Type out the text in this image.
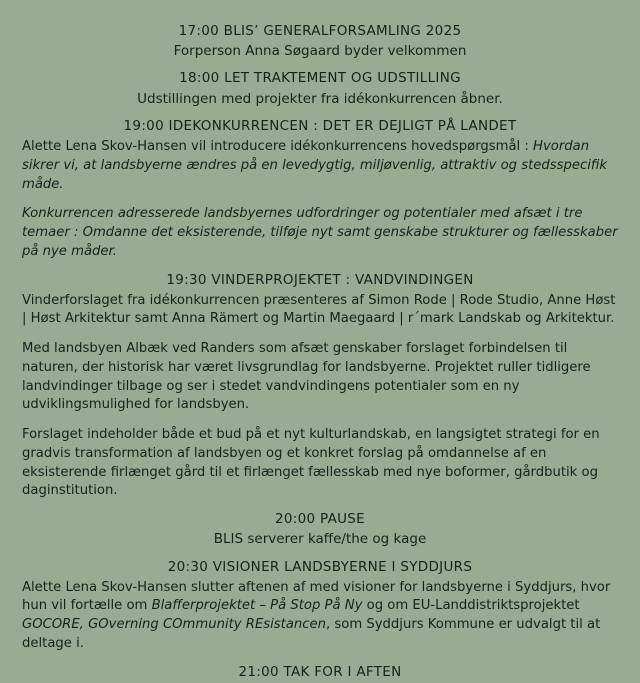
17:00 BLIS’ GENERALFORSAMLING 2025

Forperson Anna Søgaard byder velkommen

18:00 LET TRAKTEMENT OG UDSTILLING

Udstillingen med projekter fra idékonkurrencen åbner.

19:00 IDEKONKURRENCEN : DET ER DEJLIGT PÅ LANDET

Alette Lena Skov-Hansen vil introducere idékonkurrencens hovedspørgsmål : Hvordan sikrer vi, at landsbyerne ændres på en levedygtig, miljøvenlig, attraktiv og stedsspecifik måde.

Konkurrencen adresserede landsbyernes udfordringer og potentialer med afsæt i tre temaer : Omdanne det eksisterende, tilføje nyt samt genskabe strukturer og fællesskaber på nye måder.

19:30 VINDERPROJEKTET : VANDVINDINGEN

Vinderforslaget fra idékonkurrencen præsenteres af Simon Rode | Rode Studio, Anne Høst | Høst Arkitektur samt Anna Rämert og Martin Maegaard | r´mark Landskab og Arkitektur.

Med landsbyen Albæk ved Randers som afsæt genskaber forslaget forbindelsen til naturen, der historisk har været livsgrundlag for landsbyerne. Projektet ruller tidligere landvindinger tilbage og ser i stedet vandvindingens potentialer som en ny udviklingsmulighed for landsbyen.

Forslaget indeholder både et bud på et nyt kulturlandskab, en langsigtet strategi for en gradvis transformation af landsbyen og et konkret forslag på omdannelse af en eksisterende firlænget gård til et firlænget fællesskab med nye boformer, gårdbutik og daginstitution.

20:00 PAUSE

BLIS serverer kaffe/the og kage

20:30 VISIONER LANDSBYERNE I SYDDJURS

Alette Lena Skov-Hansen slutter aftenen af med visioner for landsbyerne i Syddjurs, hvor hun vil fortælle om Blafferprojektet – På Stop På Ny og om EU-Landdistriktsprojektet GOCORE, GOverning COmmunity REsistancen, som Syddjurs Kommune er udvalgt til at deltage i.

21:00 TAK FOR I AFTEN
